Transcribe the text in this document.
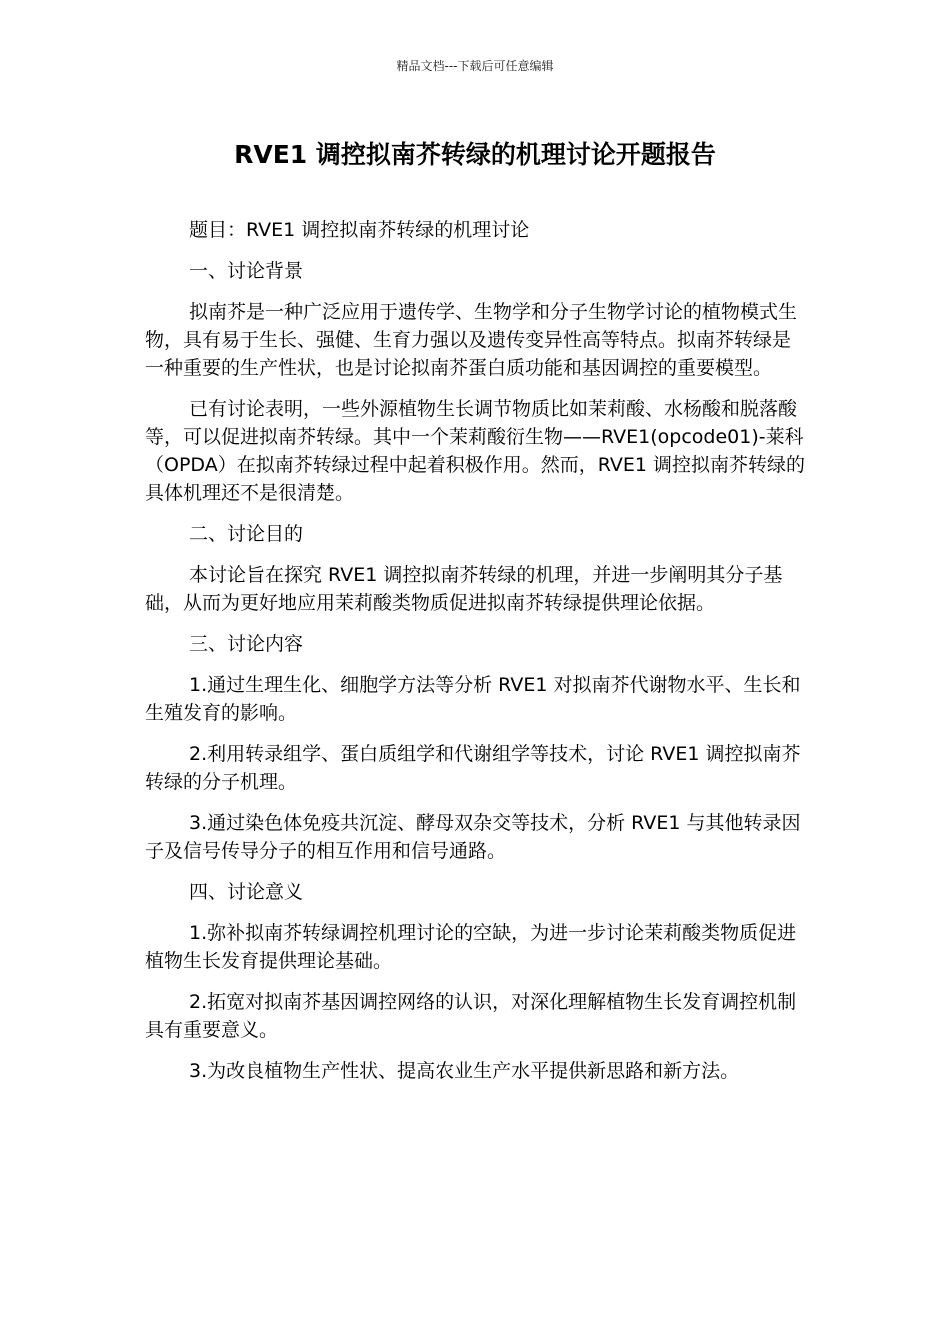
精品文档---下载后可任意编辑
RVE1 调控拟南芥转绿的机理讨论开题报告

题目：RVE1 调控拟南芥转绿的机理讨论

一、讨论背景

拟南芥是一种广泛应用于遗传学、生物学和分子生物学讨论的植物模式生物，具有易于生长、强健、生育力强以及遗传变异性高等特点。拟南芥转绿是一种重要的生产性状，也是讨论拟南芥蛋白质功能和基因调控的重要模型。

已有讨论表明，一些外源植物生长调节物质比如茉莉酸、水杨酸和脱落酸等，可以促进拟南芥转绿。其中一个茉莉酸衍生物——RVE1(opcode01)-莱科（OPDA）在拟南芥转绿过程中起着积极作用。然而，RVE1 调控拟南芥转绿的具体机理还不是很清楚。

二、讨论目的

本讨论旨在探究 RVE1 调控拟南芥转绿的机理，并进一步阐明其分子基础，从而为更好地应用茉莉酸类物质促进拟南芥转绿提供理论依据。

三、讨论内容

1.通过生理生化、细胞学方法等分析 RVE1 对拟南芥代谢物水平、生长和生殖发育的影响。

2.利用转录组学、蛋白质组学和代谢组学等技术，讨论 RVE1 调控拟南芥转绿的分子机理。

3.通过染色体免疫共沉淀、酵母双杂交等技术，分析 RVE1 与其他转录因子及信号传导分子的相互作用和信号通路。

四、讨论意义

1.弥补拟南芥转绿调控机理讨论的空缺，为进一步讨论茉莉酸类物质促进植物生长发育提供理论基础。

2.拓宽对拟南芥基因调控网络的认识，对深化理解植物生长发育调控机制具有重要意义。

3.为改良植物生产性状、提高农业生产水平提供新思路和新方法。
